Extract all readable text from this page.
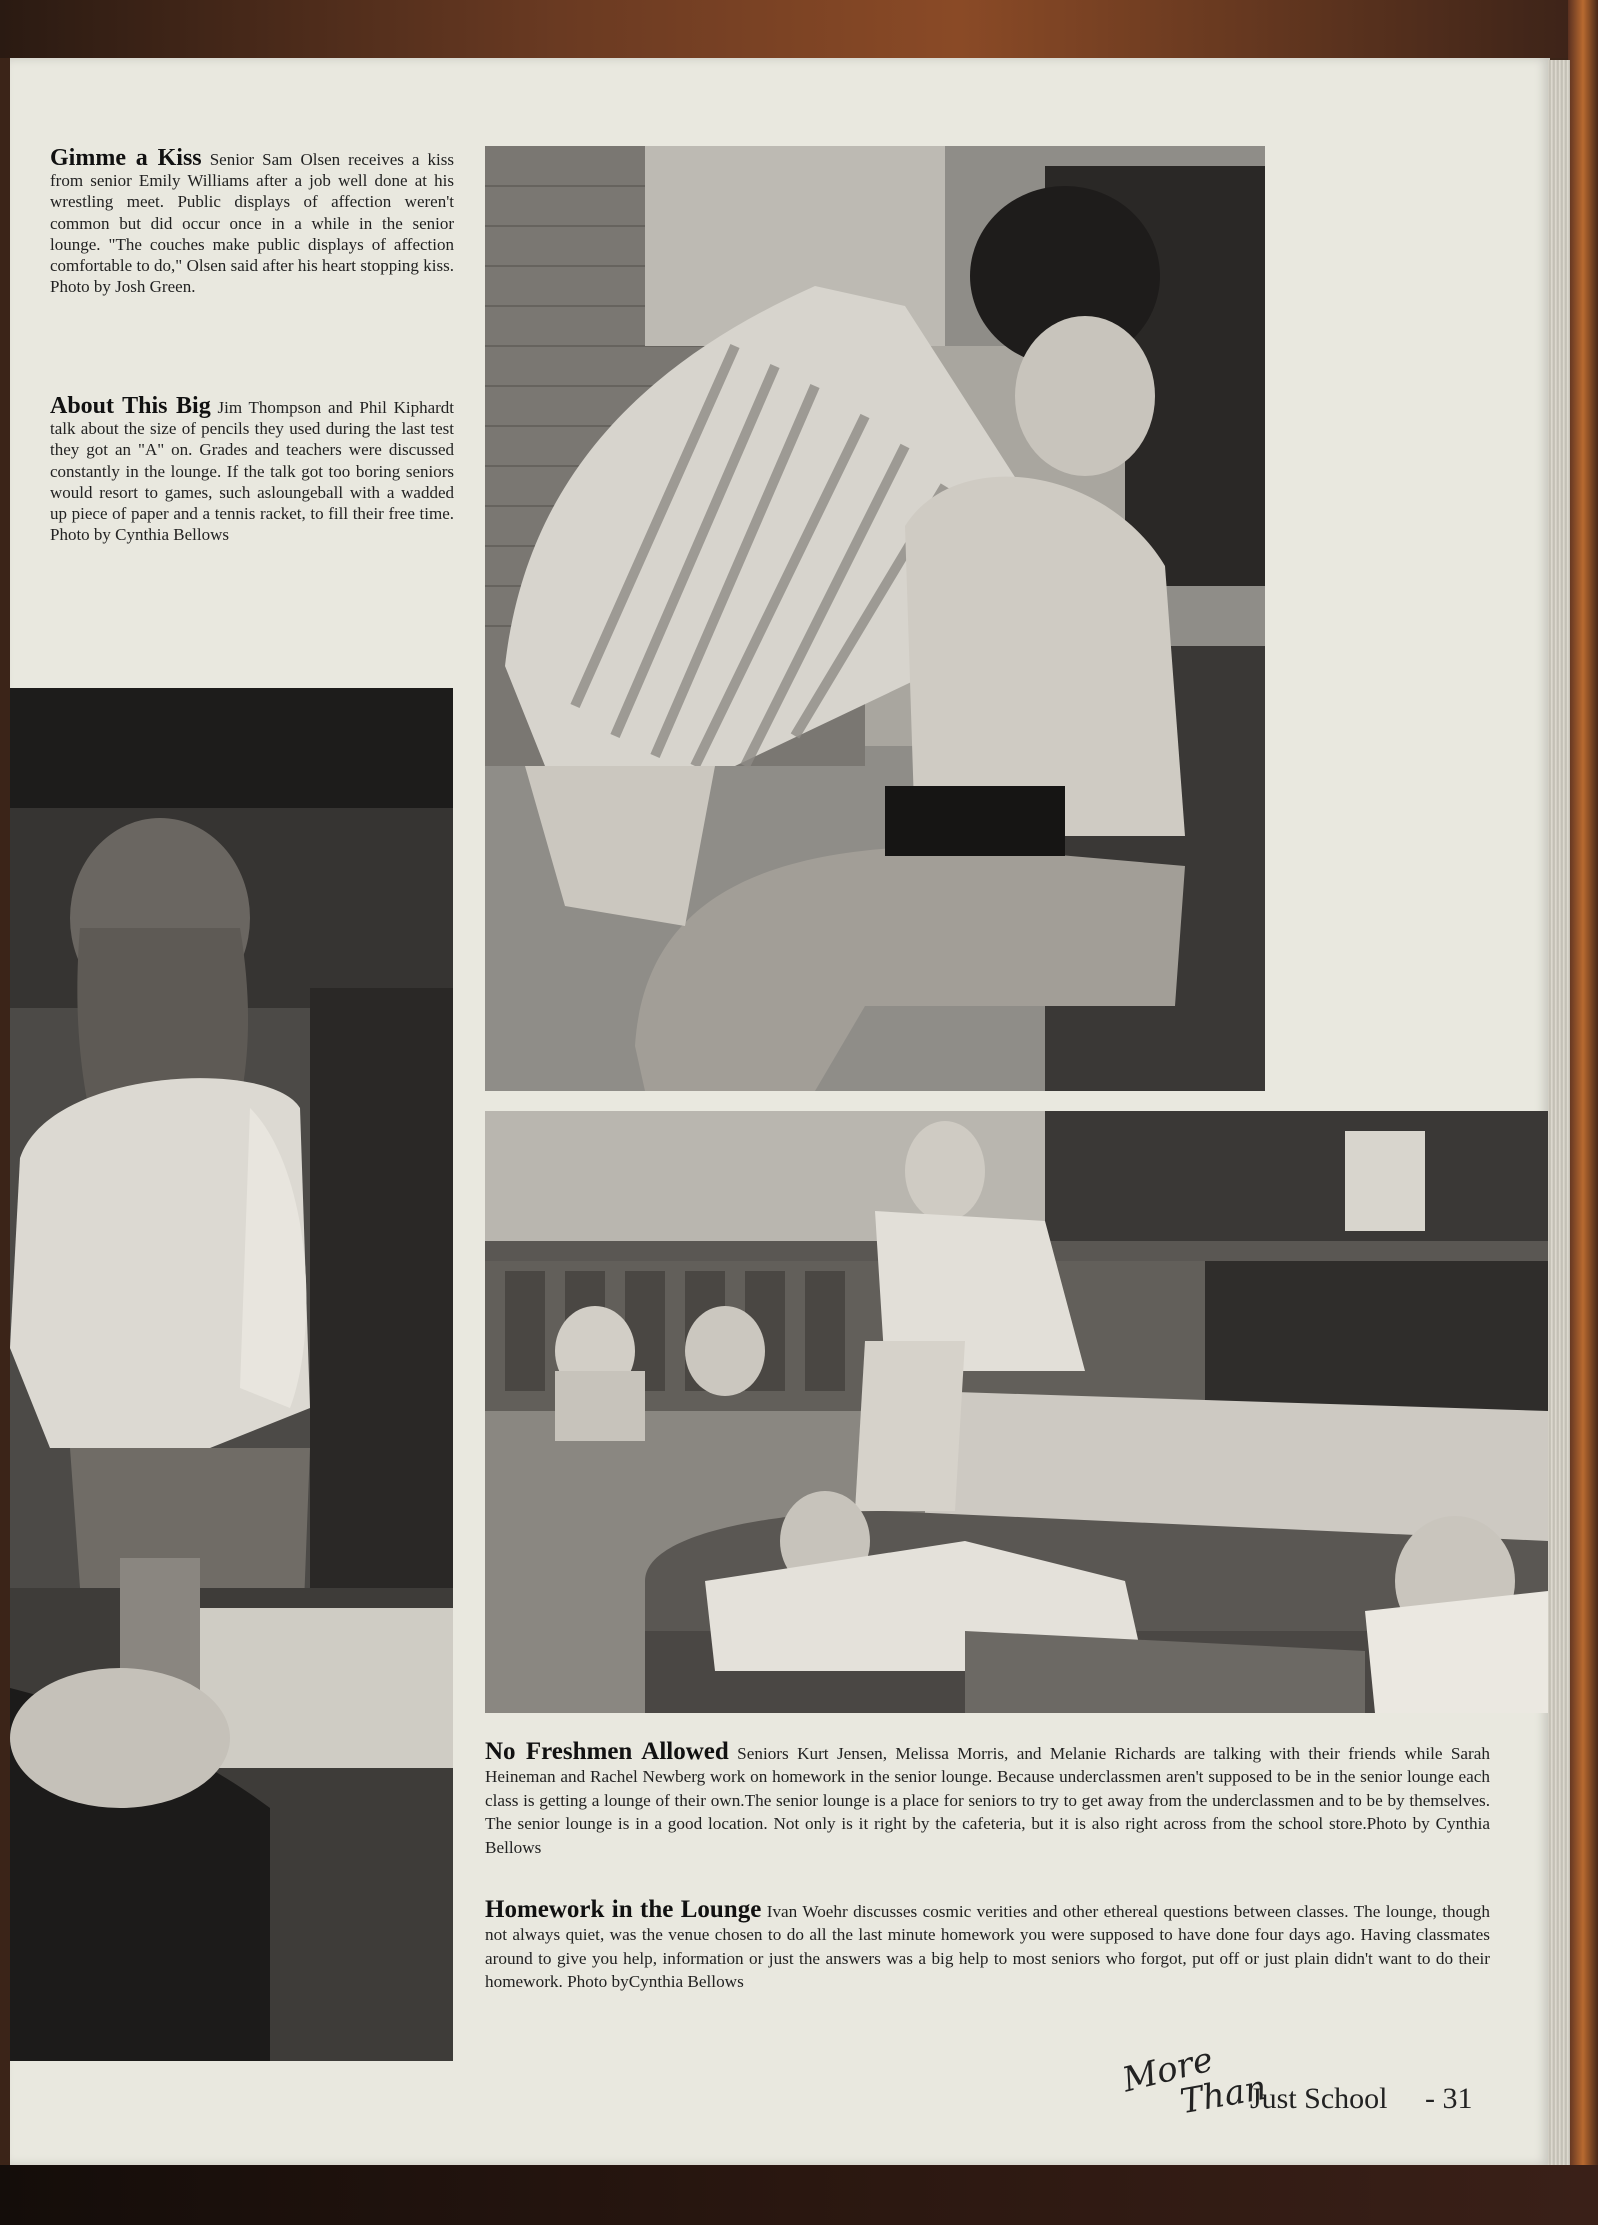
Gimme a Kiss Senior Sam Olsen receives a kiss from senior Emily Williams after a job well done at his wrestling meet. Public displays of affection weren't common but did occur once in a while in the senior lounge. "The couches make public displays of affection comfortable to do," Olsen said after his heart stopping kiss. Photo by Josh Green.
About This Big Jim Thompson and Phil Kiphardt talk about the size of pencils they used during the last test they got an "A" on. Grades and teachers were discussed constantly in the lounge. If the talk got too boring seniors would resort to games, such asloungeball with a wadded up piece of paper and a tennis racket, to fill their free time. Photo by Cynthia Bellows
No Freshmen Allowed Seniors Kurt Jensen, Melissa Morris, and Melanie Richards are talking with their friends while Sarah Heineman and Rachel Newberg work on homework in the senior lounge. Because underclassmen aren't supposed to be in the senior lounge each class is getting a lounge of their own.The senior lounge is a place for seniors to try to get away from the underclassmen and to be by themselves. The senior lounge is in a good location. Not only is it right by the cafeteria, but it is also right across from the school store.Photo by Cynthia Bellows
Homework in the Lounge Ivan Woehr discusses cosmic verities and other ethereal questions between classes. The lounge, though not always quiet, was the venue chosen to do all the last minute homework you were supposed to have done four days ago. Having classmates around to give you help, information or just the answers was a big help to most seniors who forgot, put off or just plain didn't want to do their homework. Photo byCynthia Bellows
More
Than
Just School - 31
